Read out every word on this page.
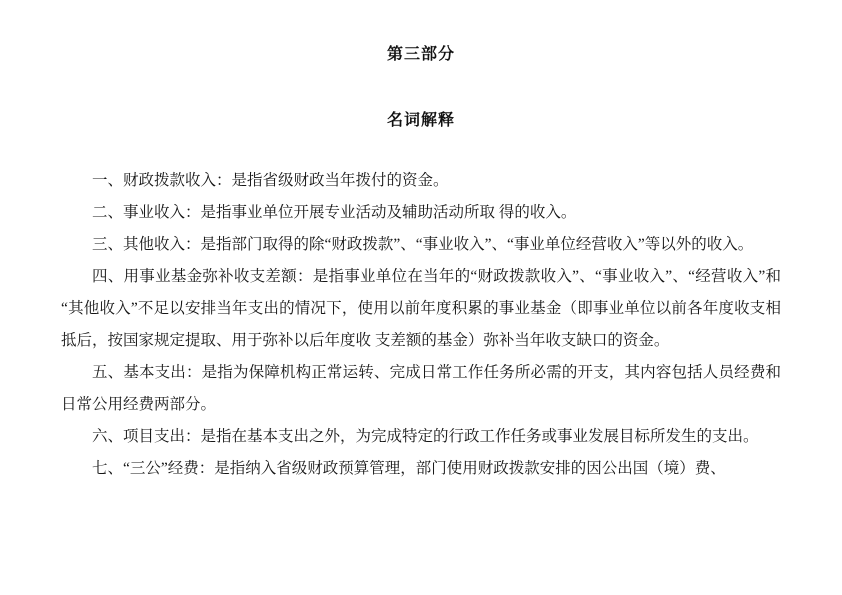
第三部分
名词解释

一、财政拨款收入：是指省级财政当年拨付的资金。

二、事业收入：是指事业单位开展专业活动及辅助活动所取 得的收入。

三、其他收入：是指部门取得的除“财政拨款”、“事业收入”、“事业单位经营收入”等以外的收入。

四、用事业基金弥补收支差额：是指事业单位在当年的“财政拨款收入”、“事业收入”、“经营收入”和“其他收入”不足以安排当年支出的情况下，使用以前年度积累的事业基金（即事业单位以前各年度收支相抵后，按国家规定提取、用于弥补以后年度收 支差额的基金）弥补当年收支缺口的资金。

五、基本支出：是指为保障机构正常运转、完成日常工作任务所必需的开支，其内容包括人员经费和日常公用经费两部分。

六、项目支出：是指在基本支出之外，为完成特定的行政工作任务或事业发展目标所发生的支出。

七、“三公”经费：是指纳入省级财政预算管理，部门使用财政拨款安排的因公出国（境）费、
